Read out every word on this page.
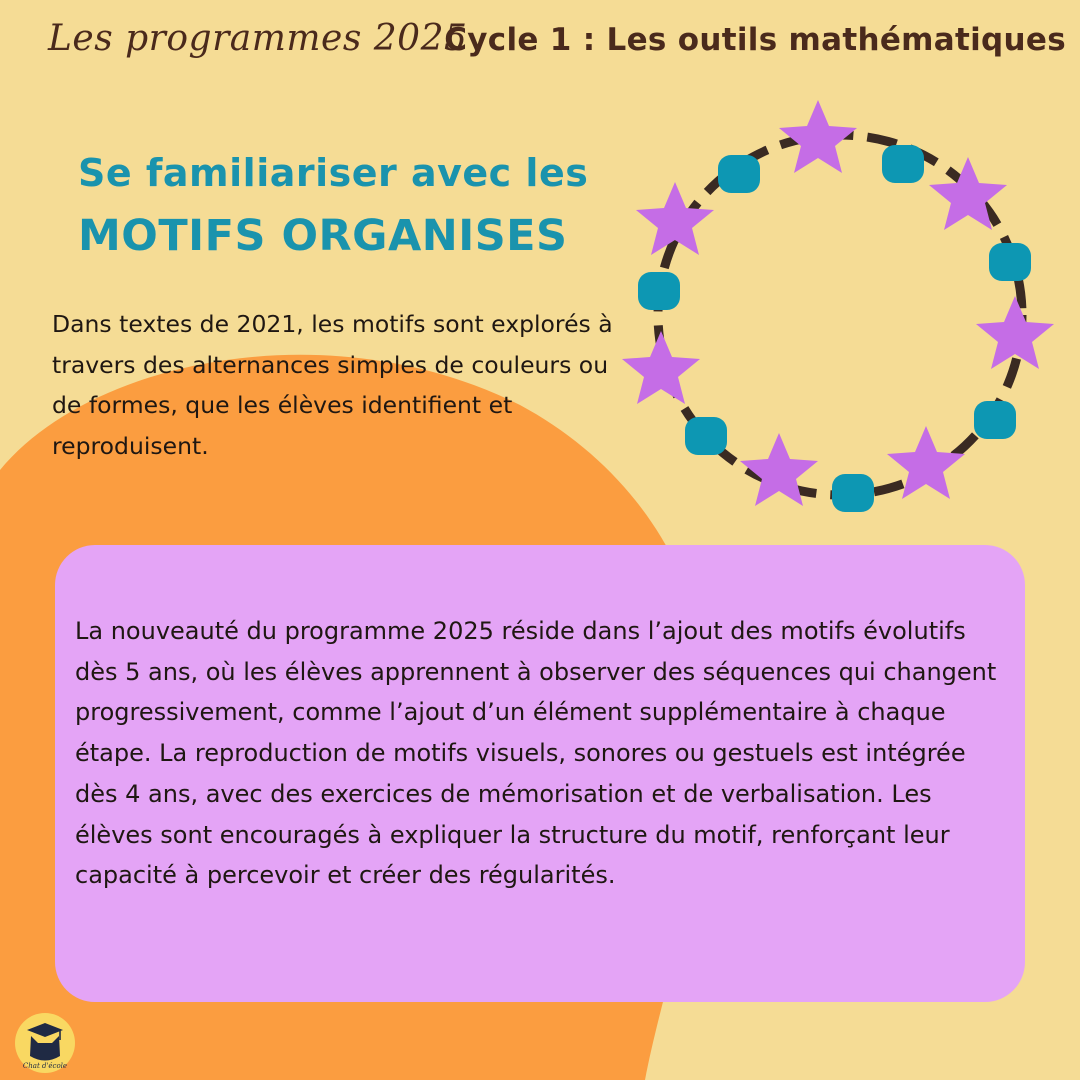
Les programmes 2025
Cycle 1 : Les outils mathématiques
Se familiariser avec les
MOTIFS ORGANISES
Dans textes de 2021, les motifs sont explorés à travers des alternances simples de couleurs ou de formes, que les élèves identifient et reproduisent.
La nouveauté du programme 2025 réside dans l’ajout des motifs évolutifs dès 5 ans, où les élèves apprennent à observer des séquences qui changent progressivement, comme l’ajout d’un élément supplémentaire à chaque étape. La reproduction de motifs visuels, sonores ou gestuels est intégrée dès 4 ans, avec des exercices de mémorisation et de verbalisation. Les élèves sont encouragés à expliquer la structure du motif, renforçant leur capacité à percevoir et créer des régularités.
Chat d'école
